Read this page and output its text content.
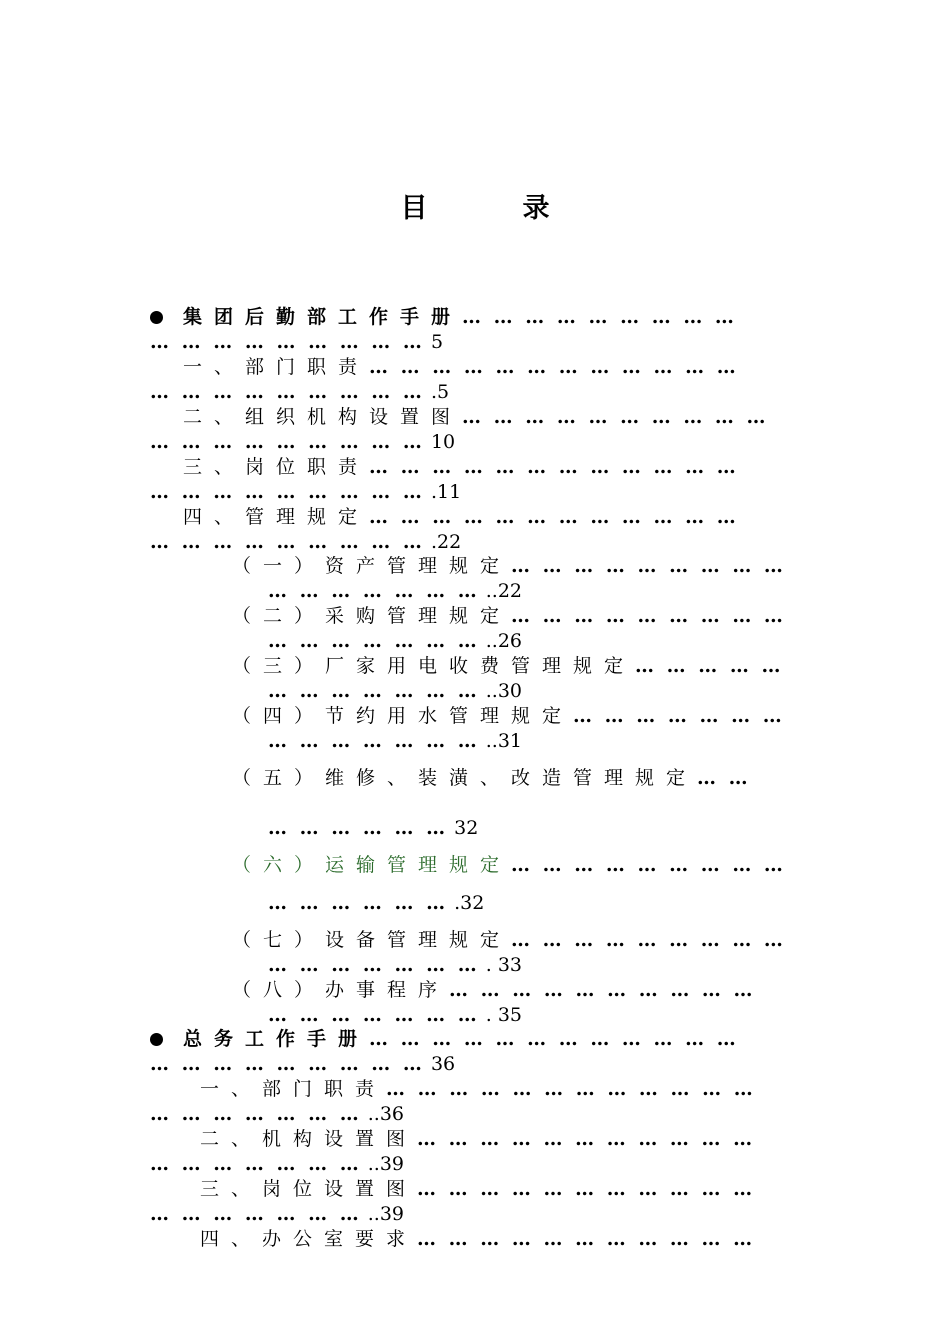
目	录
集团后勤部工作手册… … … … … … … … …
… … … … … … … … … 5
一、部门职责… … … … … … … … … … … …
… … … … … … … … … .5
二、组织机构设置图… … … … … … … … … …
… … … … … … … … … 10
三、岗位职责… … … … … … … … … … … …
… … … … … … … … … .11
四、管理规定… … … … … … … … … … … …
… … … … … … … … … .22
（一）资产管理规定… … … … … … … … …
… … … … … … … ..22
（二）采购管理规定… … … … … … … … …
… … … … … … … ..26
（三）厂家用电收费管理规定… … … … …
… … … … … … … ..30
（四）节约用水管理规定… … … … … … …
… … … … … … … ..31
（五）维修、装潢、改造管理规定… …
… … … … … … 32
（六）运输管理规定… … … … … … … … …
… … … … … … .32
（七）设备管理规定… … … … … … … … …
… … … … … … … . 33
（八）办事程序… … … … … … … … … …
… … … … … … … . 35
总务工作手册… … … … … … … … … … … …
… … … … … … … … … 36
一、部门职责… … … … … … … … … … … …
… … … … … … … ..36
二、机构设置图… … … … … … … … … … …
… … … … … … … ..39
三、岗位设置图… … … … … … … … … … …
… … … … … … … ..39
四、办公室要求… … … … … … … … … … …
